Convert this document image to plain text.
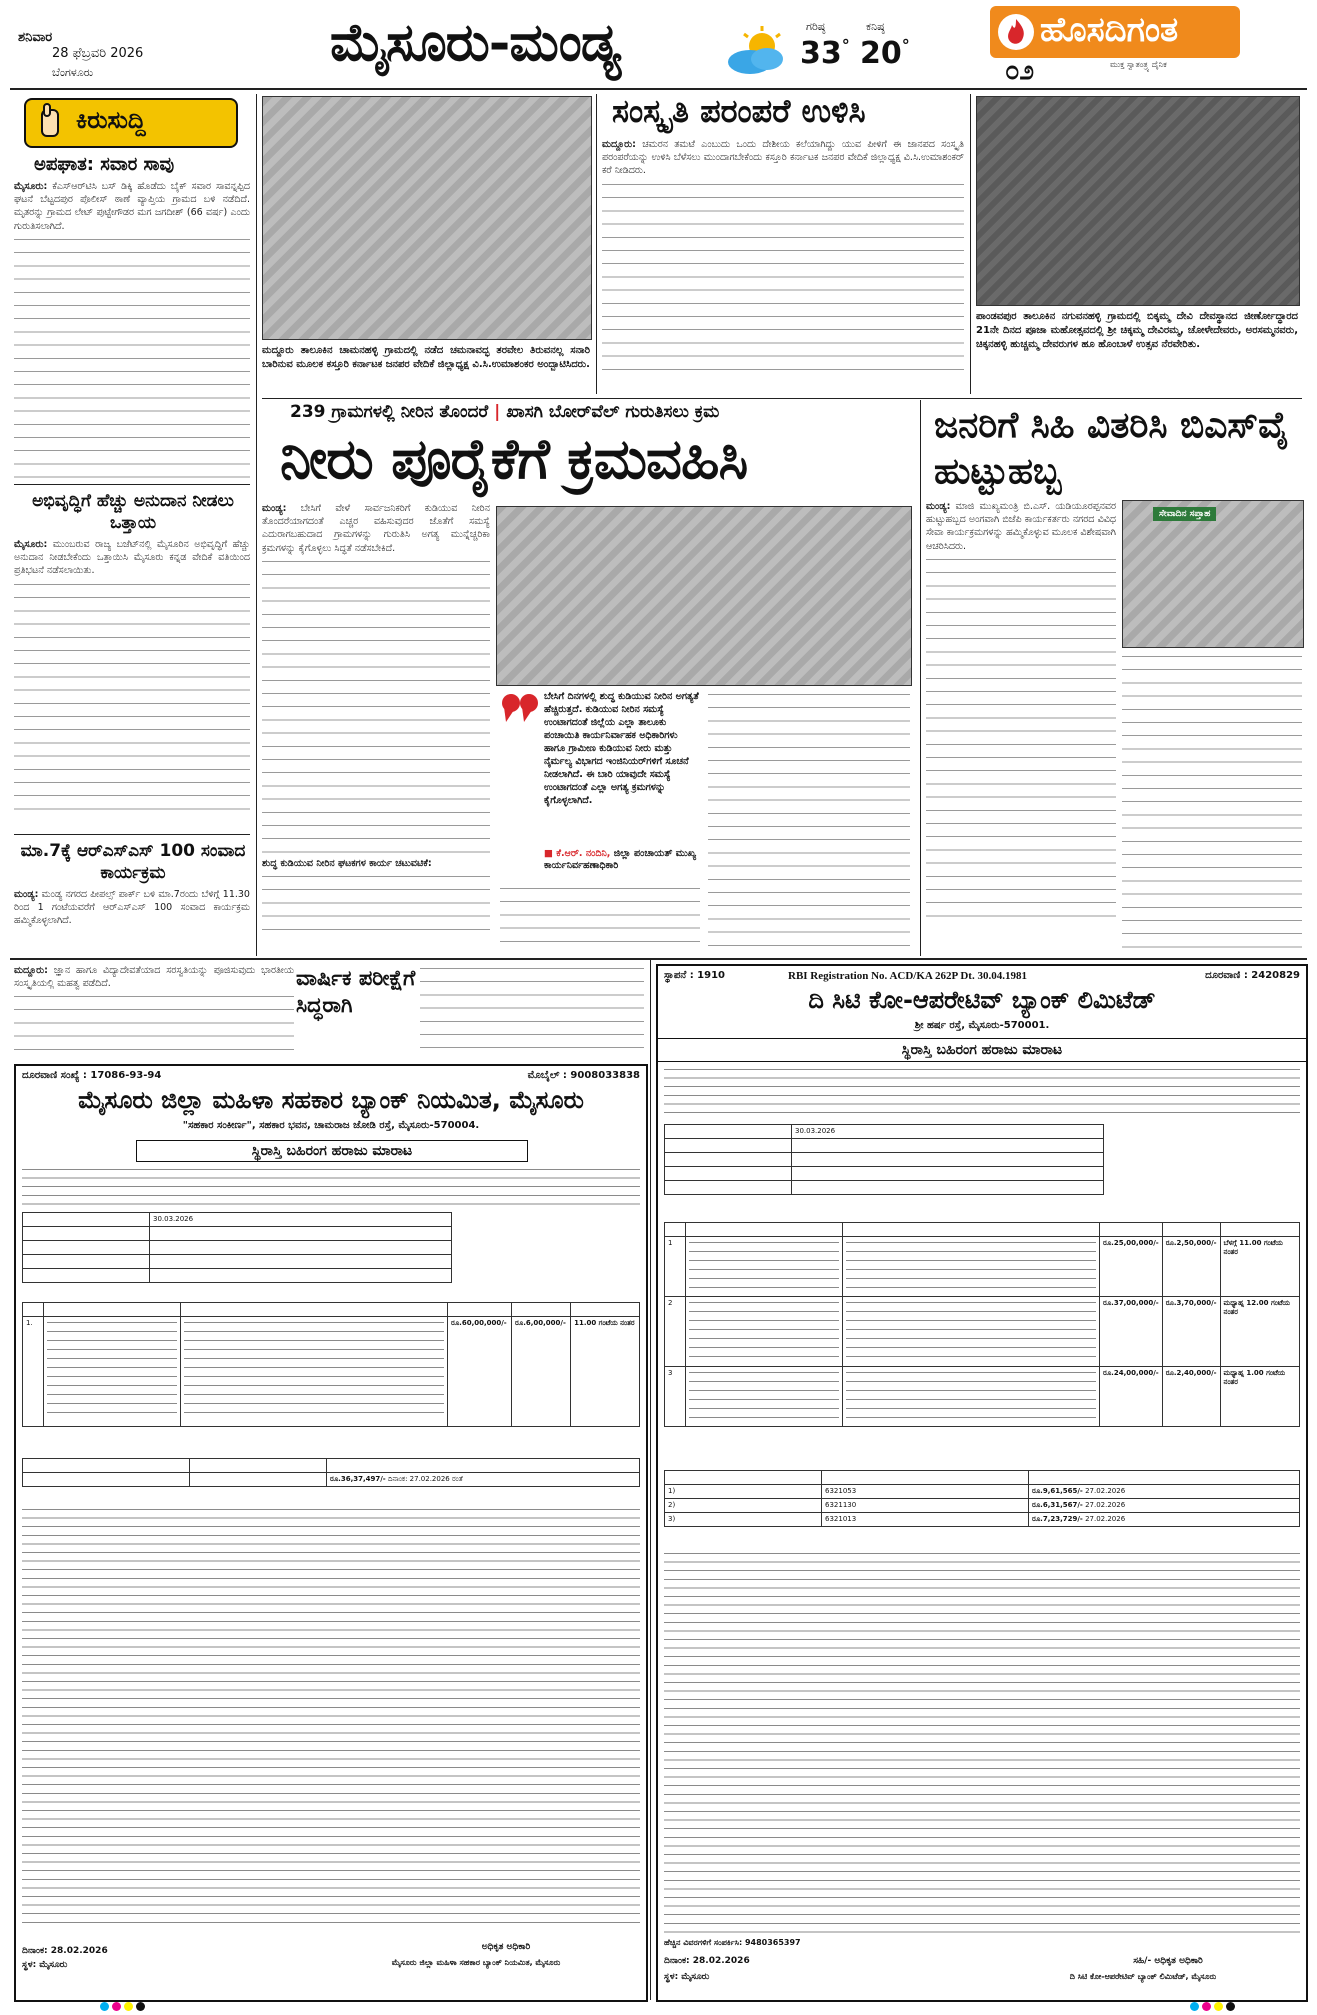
ಶನಿವಾರ
28 ಫೆಬ್ರವರಿ 2026
ಬೆಂಗಳೂರು	ಮೈಸೂರು-ಮಂಡ್ಯ	ಗರಿಷ್ಠ
33°
ಕನಿಷ್ಠ
20°	ಹೊಸದಿಗಂತ
ಮುಕ್ತ ಸ್ವಾತಂತ್ರ್ಯ ದೈನಿಕ
೦೨
ಕಿರುಸುದ್ದಿ
ಅಪಘಾತ: ಸವಾರ ಸಾವು
ಮೈಸೂರು: ಕೆಎಸ್‌ಆರ್‌ಟಿಸಿ ಬಸ್ ಡಿಕ್ಕಿ ಹೊಡೆದು ಬೈಕ್ ಸವಾರ ಸಾವನ್ನಪ್ಪಿದ ಘಟನೆ ಬೆಟ್ಟದಪುರ ಪೊಲೀಸ್ ಠಾಣೆ ವ್ಯಾಪ್ತಿಯ ಗ್ರಾಮದ ಬಳಿ ನಡೆದಿದೆ. ಮೃತರನ್ನು ಗ್ರಾಮದ ಲೇಟ್ ಪುಟ್ಟೇಗೌಡರ ಮಗ ಜಗದೀಶ್ (66 ವರ್ಷ) ಎಂದು ಗುರುತಿಸಲಾಗಿದೆ.
ಅಭಿವೃದ್ಧಿಗೆ ಹೆಚ್ಚು ಅನುದಾನ ನೀಡಲು ಒತ್ತಾಯ
ಮೈಸೂರು: ಮುಂಬರುವ ರಾಜ್ಯ ಬಜೆಟ್‌ನಲ್ಲಿ ಮೈಸೂರಿನ ಅಭಿವೃದ್ಧಿಗೆ ಹೆಚ್ಚು ಅನುದಾನ ನೀಡಬೇಕೆಂದು ಒತ್ತಾಯಿಸಿ ಮೈಸೂರು ಕನ್ನಡ ವೇದಿಕೆ ವತಿಯಿಂದ ಪ್ರತಿಭಟನೆ ನಡೆಸಲಾಯಿತು.
ಮಾ.7ಕ್ಕೆ ಆರ್‌ಎಸ್‌ಎಸ್ 100 ಸಂವಾದ ಕಾರ್ಯಕ್ರಮ
ಮಂಡ್ಯ: ಮಂಡ್ಯ ನಗರದ ಪೀಪಲ್ಸ್ ಪಾರ್ಕ್ ಬಳಿ ಮಾ.7ರಂದು ಬೆಳಿಗ್ಗೆ 11.30 ರಿಂದ 1 ಗಂಟೆಯವರೆಗೆ ಆರ್‌ಎಸ್‌ಎಸ್ 100 ಸಂವಾದ ಕಾರ್ಯಕ್ರಮ ಹಮ್ಮಿಕೊಳ್ಳಲಾಗಿದೆ.
ಮದ್ದೂರು ತಾಲೂಕಿನ ಚಾಮನಹಳ್ಳಿ ಗ್ರಾಮದಲ್ಲಿ ನಡೆದ ಚಮನಾವದ್ಭ ತರವೇಲ ತಿರುವನಲ್ಲ ಸನಾರಿ ಬಾರಿನುವ ಮೂಲಕ ಕಸ್ತೂರಿ ಕರ್ನಾಟಕ ಜನಪರ ವೇದಿಕೆ ಜಿಲ್ಲಾಧ್ಯಕ್ಷ ವಿ.ಸಿ.ಉಮಾಶಂಕರ ಅಂದ್ಬಾಟಿಸಿದರು.
ಸಂಸ್ಕೃತಿ ಪರಂಪರೆ ಉಳಿಸಿ
ಮದ್ದೂರು: ಚಮರನ ತಮಟೆ ಎಂಬುದು ಒಂದು ದೇಶೀಯ ಕಲೆಯಾಗಿದ್ದು ಯುವ ಪೀಳಿಗೆ ಈ ಜಾನಪದ ಸಂಸ್ಕೃತಿ ಪರಂಪರೆಯನ್ನು ಉಳಿಸಿ ಬೆಳೆಸಲು ಮುಂದಾಗಬೇಕೆಂದು ಕಸ್ತೂರಿ ಕರ್ನಾಟಕ ಜನಪರ ವೇದಿಕೆ ಜಿಲ್ಲಾಧ್ಯಕ್ಷ ವಿ.ಸಿ.ಉಮಾಶಂಕರ್ ಕರೆ ನೀಡಿದರು.
ಪಾಂಡವಪುರ ತಾಲೂಕಿನ ನಗುವನಹಳ್ಳಿ ಗ್ರಾಮದಲ್ಲಿ ಬಿಕ್ಕಮ್ಮ ದೇವಿ ದೇವಸ್ಥಾನದ ಜೀರ್ಣೋದ್ಧಾರದ 21ನೇ ದಿನದ ಪೂಜಾ ಮಹೋತ್ಸವದಲ್ಲಿ ಶ್ರೀ ಚಿಕ್ಕಮ್ಮ ದೇವಿರಮ್ಮ, ಚೋಳೇದೇವರು, ಅರಸಮ್ಮನವರು, ಚಿಕ್ಕನಹಳ್ಳಿ ಹುಚ್ಚಮ್ಮ ದೇವರುಗಳ ಹೂ ಹೊಂಬಾಳೆ ಉತ್ಸವ ನೆರವೇರಿತು.
239 ಗ್ರಾಮಗಳಲ್ಲಿ ನೀರಿನ ತೊಂದರೆ | ಖಾಸಗಿ ಬೋರ್‌ವೆಲ್ ಗುರುತಿಸಲು ಕ್ರಮ
ನೀರು ಪೂರೈಕೆಗೆ ಕ್ರಮವಹಿಸಿ
ಮಂಡ್ಯ: ಬೇಸಿಗೆ ವೇಳೆ ಸಾರ್ವಜನಿಕರಿಗೆ ಕುಡಿಯುವ ನೀರಿನ ತೊಂದರೆಯಾಗದಂತೆ ಎಚ್ಚರ ವಹಿಸುವುದರ ಜೊತೆಗೆ ಸಮಸ್ಯೆ ಎದುರಾಗಬಹುದಾದ ಗ್ರಾಮಗಳನ್ನು ಗುರುತಿಸಿ ಅಗತ್ಯ ಮುನ್ನೆಚ್ಚರಿಕಾ ಕ್ರಮಗಳನ್ನು ಕೈಗೊಳ್ಳಲು ಸಿದ್ಧತೆ ನಡೆಸಬೇಕಿದೆ.
ಶುದ್ಧ ಕುಡಿಯುವ ನೀರಿನ ಘಟಕಗಳ ಕಾರ್ಯ ಚಟುವಟಿಕೆ:
ಬೇಸಿಗೆ ದಿನಗಳಲ್ಲಿ ಶುದ್ಧ ಕುಡಿಯುವ ನೀರಿನ ಅಗತ್ಯತೆ ಹೆಚ್ಚಿರುತ್ತದೆ. ಕುಡಿಯುವ ನೀರಿನ ಸಮಸ್ಯೆ ಉಂಟಾಗದಂತೆ ಜಿಲ್ಲೆಯ ಎಲ್ಲಾ ತಾಲೂಕು ಪಂಚಾಯಿತಿ ಕಾರ್ಯನಿರ್ವಾಹಕ ಅಧಿಕಾರಿಗಳು ಹಾಗೂ ಗ್ರಾಮೀಣ ಕುಡಿಯುವ ನೀರು ಮತ್ತು ನೈರ್ಮಲ್ಯ ವಿಭಾಗದ ಇಂಜಿನಿಯರ್‌ಗಳಿಗೆ ಸೂಚನೆ ನೀಡಲಾಗಿದೆ. ಈ ಬಾರಿ ಯಾವುದೇ ಸಮಸ್ಯೆ ಉಂಟಾಗದಂತೆ ಎಲ್ಲಾ ಅಗತ್ಯ ಕ್ರಮಗಳನ್ನು ಕೈಗೊಳ್ಳಲಾಗಿದೆ.
■ ಕೆ.ಆರ್. ನಂದಿನಿ, ಜಿಲ್ಲಾ ಪಂಚಾಯತ್ ಮುಖ್ಯ ಕಾರ್ಯನಿರ್ವಹಣಾಧಿಕಾರಿ
ಜನರಿಗೆ ಸಿಹಿ ವಿತರಿಸಿ ಬಿಎಸ್‌ವೈ ಹುಟ್ಟುಹಬ್ಬ
ಮಂಡ್ಯ: ಮಾಜಿ ಮುಖ್ಯಮಂತ್ರಿ ಬಿ.ಎಸ್. ಯಡಿಯೂರಪ್ಪನವರ ಹುಟ್ಟುಹಬ್ಬದ ಅಂಗವಾಗಿ ಬಿಜೆಪಿ ಕಾರ್ಯಕರ್ತರು ನಗರದ ವಿವಿಧ ಸೇವಾ ಕಾರ್ಯಕ್ರಮಗಳನ್ನು ಹಮ್ಮಿಕೊಳ್ಳುವ ಮೂಲಕ ವಿಶೇಷವಾಗಿ ಆಚರಿಸಿದರು.
ಸೇವಾದಿನ ಸಪ್ತಾಹ
ಮದ್ದೂರು: ಜ್ಞಾನ ಹಾಗೂ ವಿದ್ಯಾದೇವತೆಯಾದ ಸರಸ್ವತಿಯನ್ನು ಪೂಜಿಸುವುದು ಭಾರತೀಯ ಸಂಸ್ಕೃತಿಯಲ್ಲಿ ಮಹತ್ವ ಪಡೆದಿದೆ.	ವಾರ್ಷಿಕ ಪರೀಕ್ಷೆಗೆ ಸಿದ್ಧರಾಗಿ
ದೂರವಾಣಿ ಸಂಖ್ಯೆ : 17086-93-94	ಮೊಬೈಲ್ : 9008033838
ಮೈಸೂರು ಜಿಲ್ಲಾ ಮಹಿಳಾ ಸಹಕಾರ ಬ್ಯಾಂಕ್ ನಿಯಮಿತ, ಮೈಸೂರು
"ಸಹಕಾರ ಸಂಕೀರ್ಣ", ಸಹಕಾರ ಭವನ, ಚಾಮರಾಜ ಜೋಡಿ ರಸ್ತೆ, ಮೈಸೂರು-570004.
ಸ್ಥಿರಾಸ್ತಿ ಬಹಿರಂಗ ಹರಾಜು ಮಾರಾಟ
	30.03.2026

1.			ರೂ.60,00,000/-	ರೂ.6,00,000/-	11.00 ಗಂಟೆಯ ನಂತರ

		ರೂ.36,37,497/- ದಿನಾಂಕ: 27.02.2026 ರಂತೆ
ದಿನಾಂಕ: 28.02.2026
ಸ್ಥಳ: ಮೈಸೂರು
ಅಧಿಕೃತ ಅಧಿಕಾರಿ
ಮೈಸೂರು ಜಿಲ್ಲಾ ಮಹಿಳಾ ಸಹಕಾರ ಬ್ಯಾಂಕ್ ನಿಯಮಿತ, ಮೈಸೂರು
ಸ್ಥಾಪನೆ : 1910	RBI Registration No. ACD/KA 262P Dt. 30.04.1981	ದೂರವಾಣಿ : 2420829
ದಿ ಸಿಟಿ ಕೋ-ಆಪರೇಟಿವ್ ಬ್ಯಾಂಕ್ ಲಿಮಿಟೆಡ್
ಶ್ರೀ ಹರ್ಷ ರಸ್ತೆ, ಮೈಸೂರು-570001.
ಸ್ಥಿರಾಸ್ತಿ ಬಹಿರಂಗ ಹರಾಜು ಮಾರಾಟ
	30.03.2026

1			ರೂ.25,00,000/-	ರೂ.2,50,000/-	ಬೆಳಗ್ಗೆ 11.00 ಗಂಟೆಯ ನಂತರ
2			ರೂ.37,00,000/-	ರೂ.3,70,000/-	ಮಧ್ಯಾಹ್ನ 12.00 ಗಂಟೆಯ ನಂತರ
3			ರೂ.24,00,000/-	ರೂ.2,40,000/-	ಮಧ್ಯಾಹ್ನ 1.00 ಗಂಟೆಯ ನಂತರ

1)	6321053	ರೂ.9,61,565/- 27.02.2026
2)	6321130	ರೂ.6,31,567/- 27.02.2026
3)	6321013	ರೂ.7,23,729/- 27.02.2026
ಹೆಚ್ಚಿನ ವಿವರಗಳಿಗೆ ಸಂಪರ್ಕಿಸಿ: 9480365397
ದಿನಾಂಕ: 28.02.2026
ಸ್ಥಳ: ಮೈಸೂರು
ಸಹಿ/- ಅಧಿಕೃತ ಅಧಿಕಾರಿ
ದಿ ಸಿಟಿ ಕೋ-ಆಪರೇಟಿವ್ ಬ್ಯಾಂಕ್ ಲಿಮಿಟೆಡ್, ಮೈಸೂರು
